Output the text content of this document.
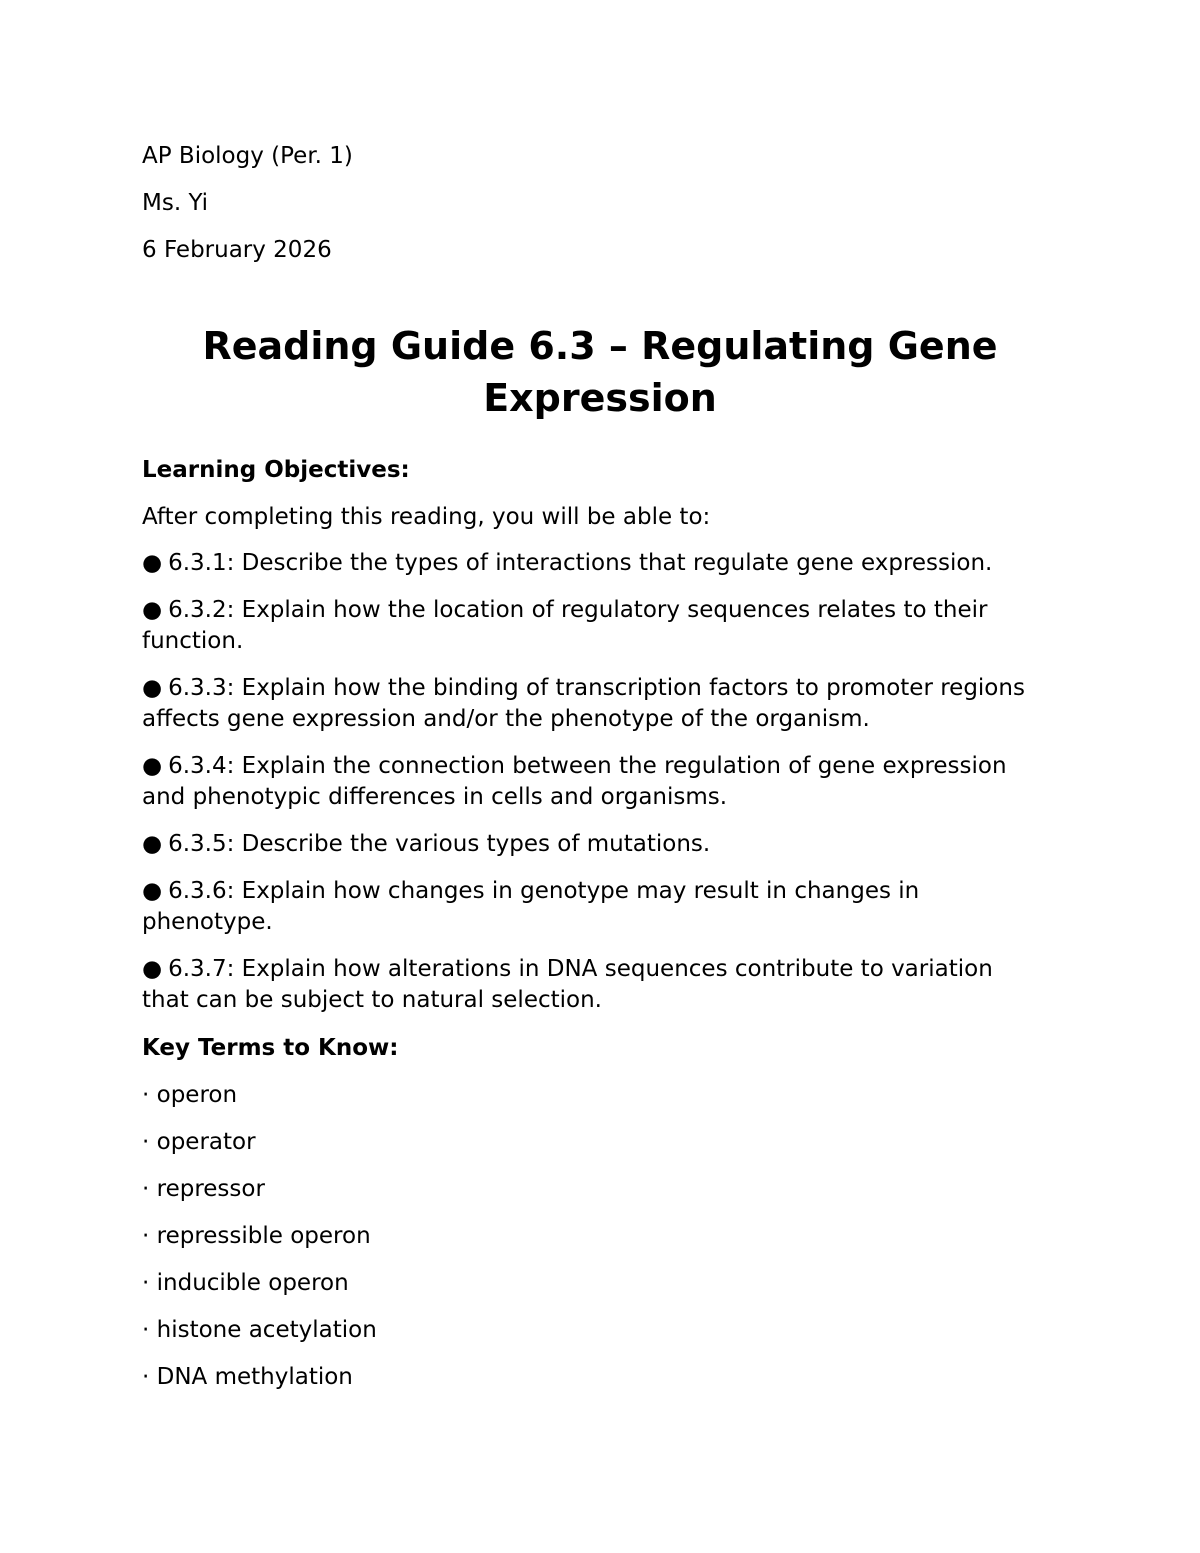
AP Biology (Per. 1)

Ms. Yi

6 February 2026

Reading Guide 6.3 – Regulating Gene
Expression

Learning Objectives:

After completing this reading, you will be able to:

● 6.3.1: Describe the types of interactions that regulate gene expression.
● 6.3.2: Explain how the location of regulatory sequences relates to their
function.
● 6.3.3: Explain how the binding of transcription factors to promoter regions
affects gene expression and/or the phenotype of the organism.
● 6.3.4: Explain the connection between the regulation of gene expression
and phenotypic differences in cells and organisms.
● 6.3.5: Describe the various types of mutations.
● 6.3.6: Explain how changes in genotype may result in changes in
phenotype.
● 6.3.7: Explain how alterations in DNA sequences contribute to variation
that can be subject to natural selection.

Key Terms to Know:

· operon

· operator

· repressor

· repressible operon

· inducible operon

· histone acetylation

· DNA methylation
